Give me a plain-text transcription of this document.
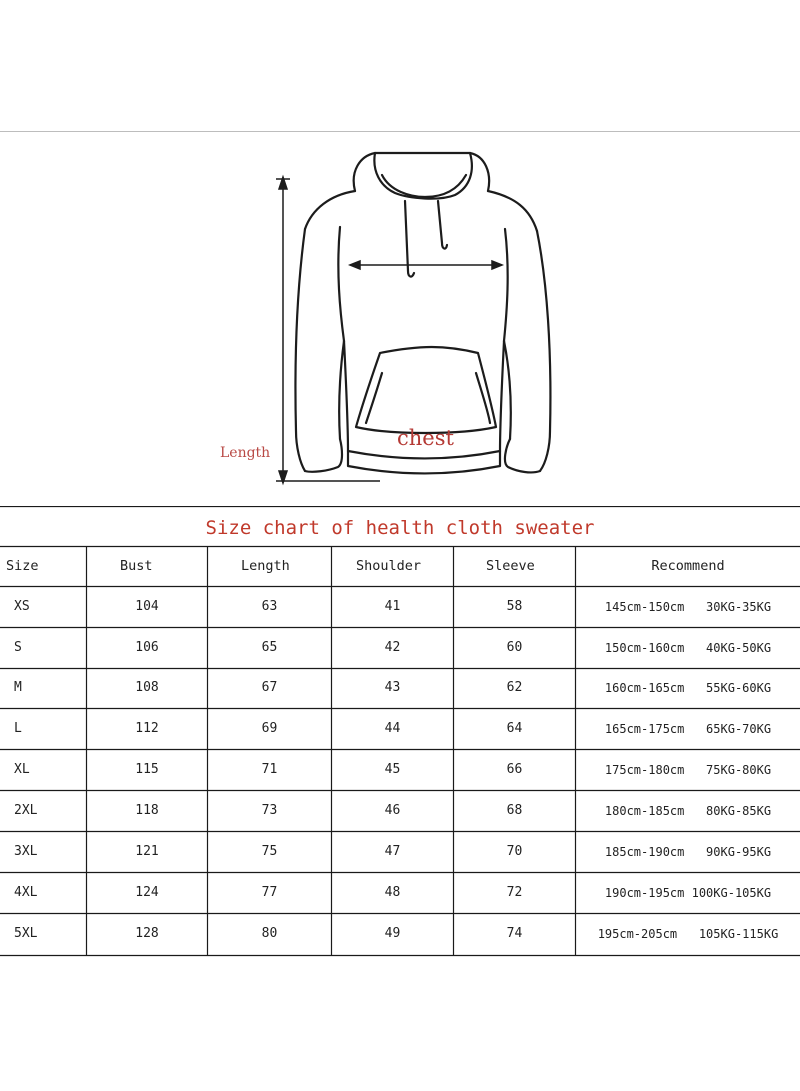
Length
chest
Size chart of health cloth sweater
Size	Bust	Length	Shoulder	Sleeve	Recommend
XS	104	63	41	58	145cm-150cm   30KG-35KG
S	106	65	42	60	150cm-160cm   40KG-50KG
M	108	67	43	62	160cm-165cm   55KG-60KG
L	112	69	44	64	165cm-175cm   65KG-70KG
XL	115	71	45	66	175cm-180cm   75KG-80KG
2XL	118	73	46	68	180cm-185cm   80KG-85KG
3XL	121	75	47	70	185cm-190cm   90KG-95KG
4XL	124	77	48	72	190cm-195cm 100KG-105KG
5XL	128	80	49	74	195cm-205cm   105KG-115KG
